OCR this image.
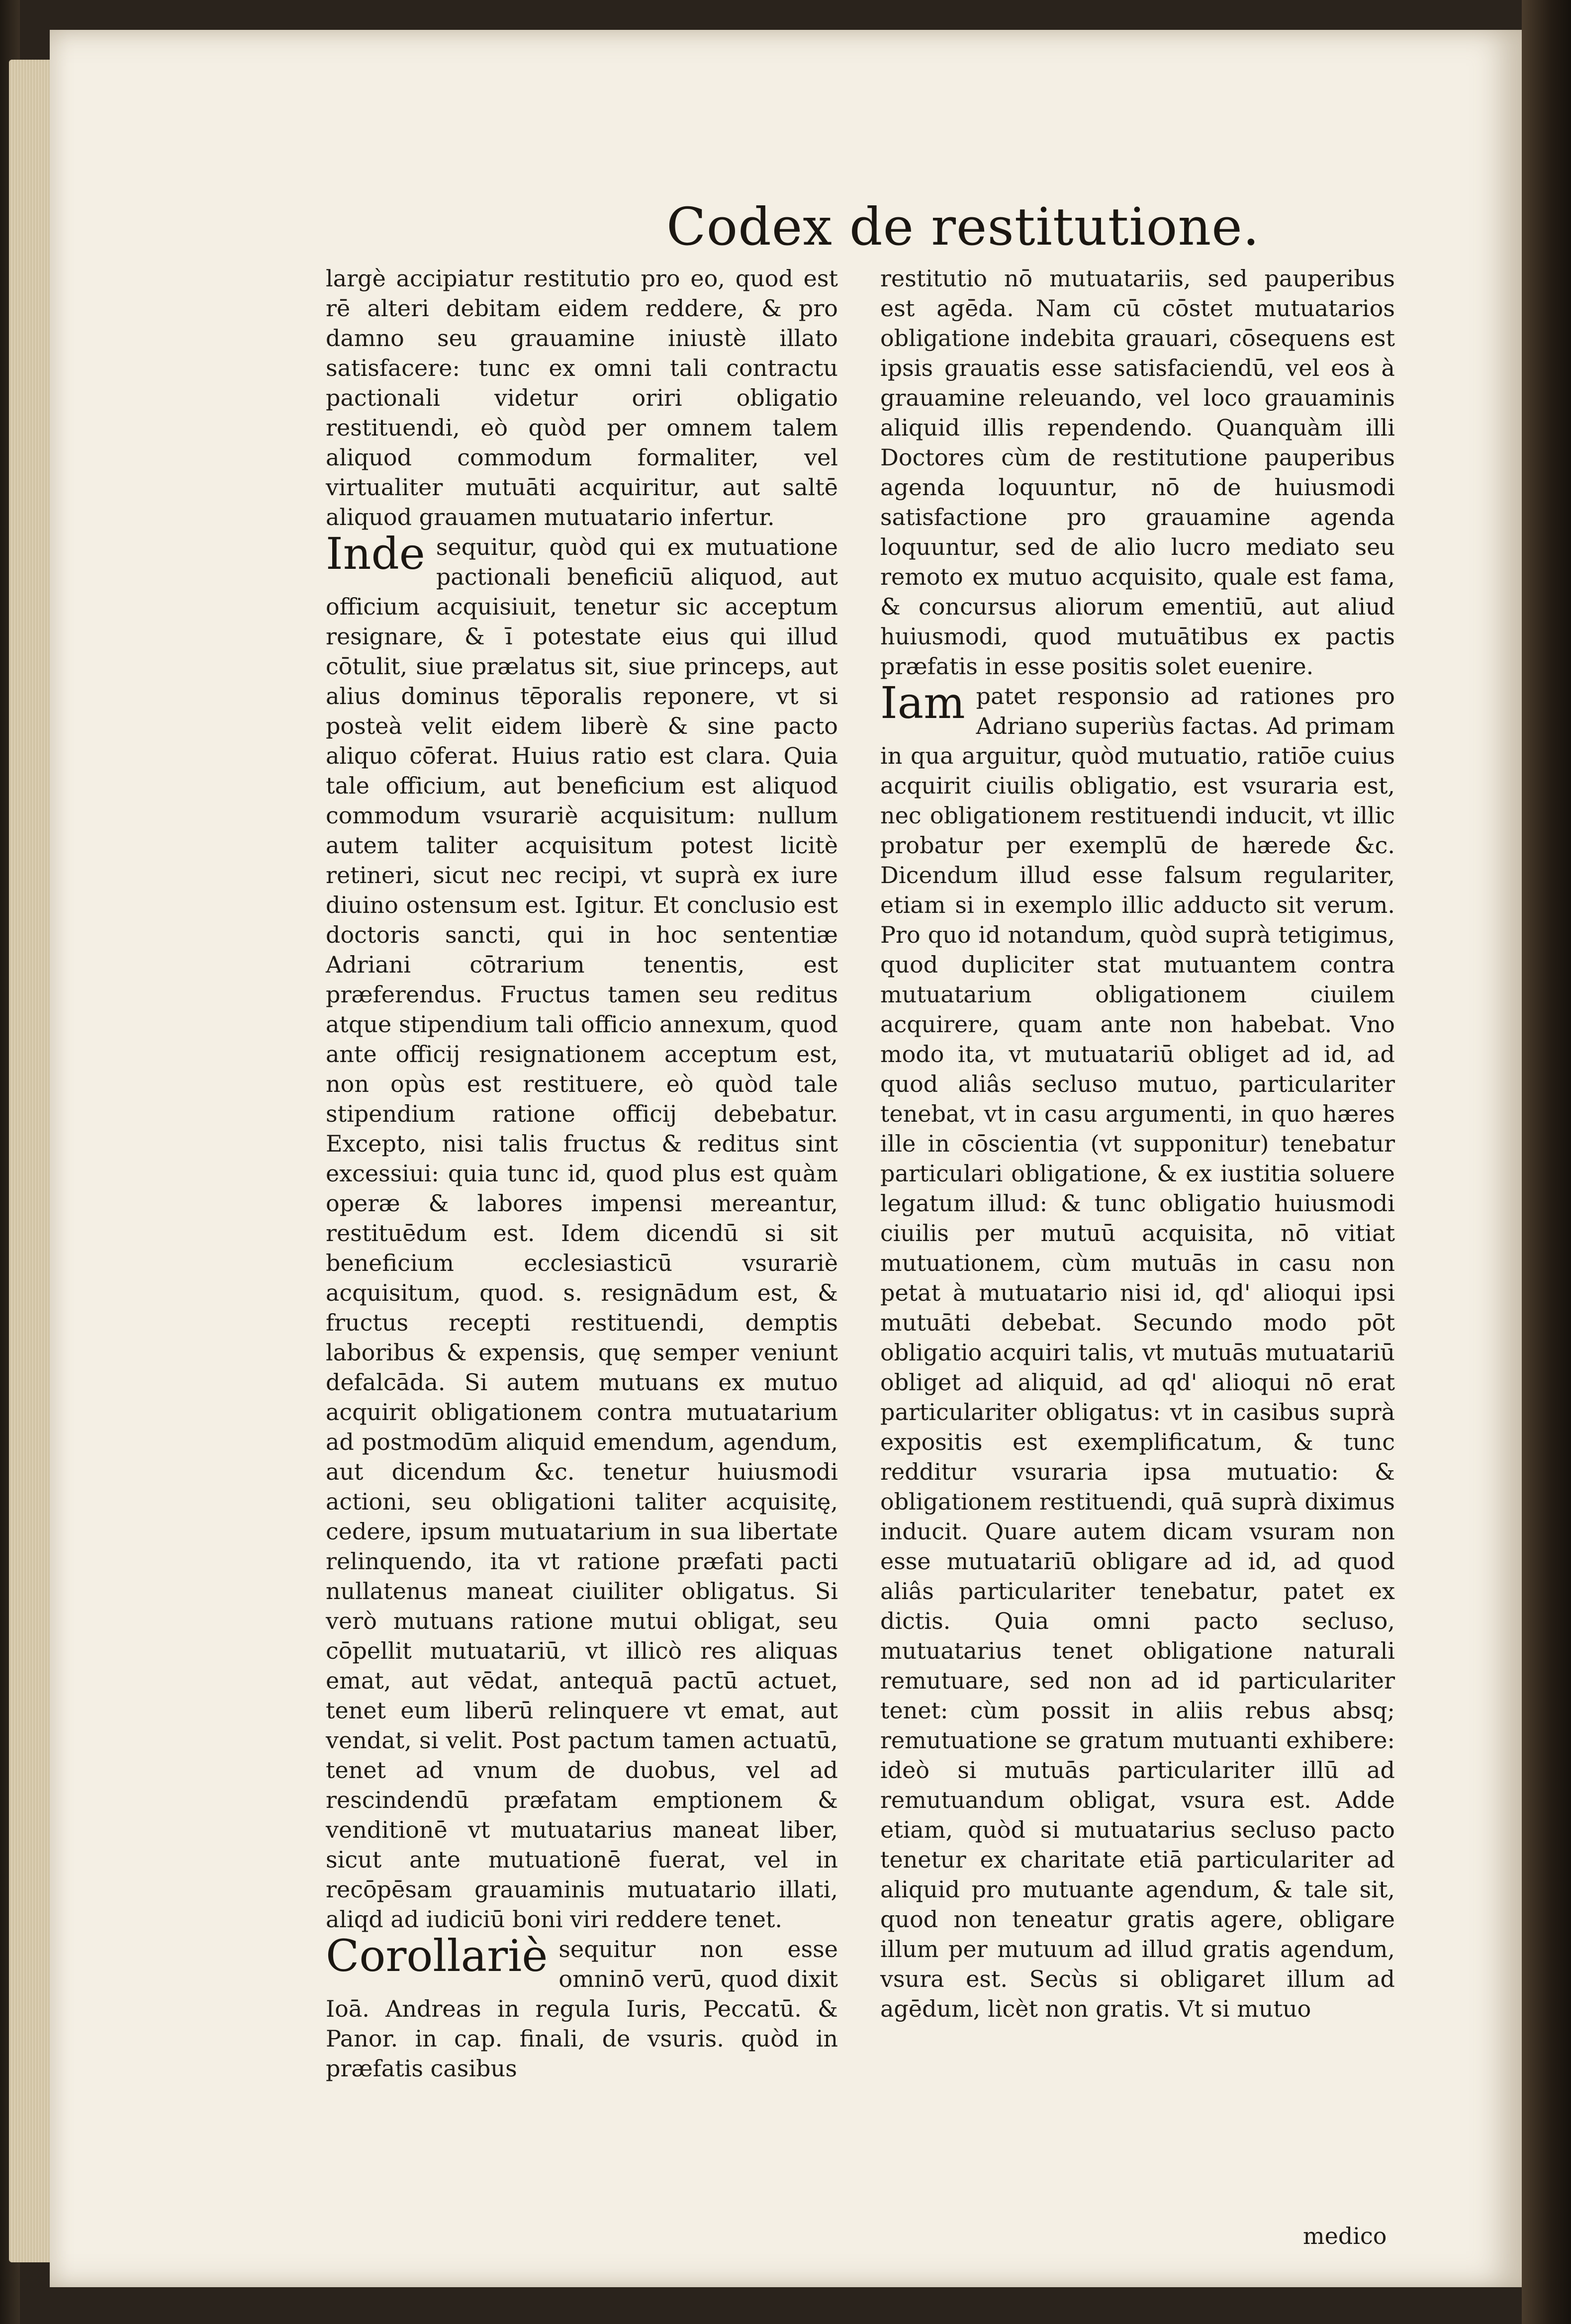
Codex de restitutione.

largè accipiatur restitutio pro eo, quod est rē alteri debitam eidem reddere, & pro damno seu grauamine iniustè illato satisfacere: tunc ex omni tali contractu pactionali videtur oriri obligatio restituendi, eò quòd per omnem talem aliquod commodum formaliter, vel virtualiter mutuāti acquiritur, aut saltē aliquod grauamen mutuatario infertur.

Inde sequitur, quòd qui ex mutuatione pactionali beneficiū aliquod, aut officium acquisiuit, tenetur sic acceptum resignare, & ī potestate eius qui illud cōtulit, siue prælatus sit, siue princeps, aut alius dominus tēporalis reponere, vt si posteà velit eidem liberè & sine pacto aliquo cōferat. Huius ratio est clara. Quia tale officium, aut beneficium est aliquod commodum vsurariè acquisitum: nullum autem taliter acquisitum potest licitè retineri, sicut nec recipi, vt suprà ex iure diuino ostensum est. Igitur. Et conclusio est doctoris sancti, qui in hoc sententiæ Adriani cōtrarium tenentis, est præferendus. Fructus tamen seu reditus atque stipendium tali officio annexum, quod ante officij resignationem acceptum est, non opùs est restituere, eò quòd tale stipendium ratione officij debebatur. Excepto, nisi talis fructus & reditus sint excessiui: quia tunc id, quod plus est quàm operæ & labores impensi mereantur, restituēdum est. Idem dicendū si sit beneficium ecclesiasticū vsurariè acquisitum, quod. s. resignādum est, & fructus recepti restituendi, demptis laboribus & expensis, quę semper veniunt defalcāda. Si autem mutuans ex mutuo acquirit obligationem contra mutuatarium ad postmodūm aliquid emendum, agendum, aut dicendum &c. tenetur huiusmodi actioni, seu obligationi taliter acquisitę, cedere, ipsum mutuatarium in sua libertate relinquendo, ita vt ratione præfati pacti nullatenus maneat ciuiliter obligatus. Si verò mutuans ratione mutui obligat, seu cōpellit mutuatariū, vt illicò res aliquas emat, aut vēdat, antequā pactū actuet, tenet eum liberū relinquere vt emat, aut vendat, si velit. Post pactum tamen actuatū, tenet ad vnum de duobus, vel ad rescindendū præfatam emptionem & venditionē vt mutuatarius maneat liber, sicut ante mutuationē fuerat, vel in recōpēsam grauaminis mutuatario illati, aliqd ad iudiciū boni viri reddere tenet.

Corollariè sequitur non esse omninō verū, quod dixit Ioā. Andreas in regula Iuris, Peccatū. & Panor. in cap. finali, de vsuris. quòd in præfatis casibus

restitutio nō mutuatariis, sed pauperibus est agēda. Nam cū cōstet mutuatarios obligatione indebita grauari, cōsequens est ipsis grauatis esse satisfaciendū, vel eos à grauamine releuando, vel loco grauaminis aliquid illis rependendo. Quanquàm illi Doctores cùm de restitutione pauperibus agenda loquuntur, nō de huiusmodi satisfactione pro grauamine agenda loquuntur, sed de alio lucro mediato seu remoto ex mutuo acquisito, quale est fama, & concursus aliorum ementiū, aut aliud huiusmodi, quod mutuātibus ex pactis præfatis in esse positis solet euenire.

Iam patet responsio ad rationes pro Adriano superiùs factas. Ad primam in qua arguitur, quòd mutuatio, ratiōe cuius acquirit ciuilis obligatio, est vsuraria est, nec obligationem restituendi inducit, vt illic probatur per exemplū de hærede &c. Dicendum illud esse falsum regulariter, etiam si in exemplo illic adducto sit verum. Pro quo id notandum, quòd suprà tetigimus, quod dupliciter stat mutuantem contra mutuatarium obligationem ciuilem acquirere, quam ante non habebat. Vno modo ita, vt mutuatariū obliget ad id, ad quod aliâs secluso mutuo, particulariter tenebat, vt in casu argumenti, in quo hæres ille in cōscientia (vt supponitur) tenebatur particulari obligatione, & ex iustitia soluere legatum illud: & tunc obligatio huiusmodi ciuilis per mutuū acquisita, nō vitiat mutuationem, cùm mutuās in casu non petat à mutuatario nisi id, qd' alioqui ipsi mutuāti debebat. Secundo modo pōt obligatio acquiri talis, vt mutuās mutuatariū obliget ad aliquid, ad qd' alioqui nō erat particulariter obligatus: vt in casibus suprà expositis est exemplificatum, & tunc redditur vsuraria ipsa mutuatio: & obligationem restituendi, quā suprà diximus inducit. Quare autem dicam vsuram non esse mutuatariū obligare ad id, ad quod aliâs particulariter tenebatur, patet ex dictis. Quia omni pacto secluso, mutuatarius tenet obligatione naturali remutuare, sed non ad id particulariter tenet: cùm possit in aliis rebus absq; remutuatione se gratum mutuanti exhibere: ideò si mutuās particulariter illū ad remutuandum obligat, vsura est. Adde etiam, quòd si mutuatarius secluso pacto tenetur ex charitate etiā particulariter ad aliquid pro mutuante agendum, & tale sit, quod non teneatur gratis agere, obligare illum per mutuum ad illud gratis agendum, vsura est. Secùs si obligaret illum ad agēdum, licèt non gratis. Vt si mutuo

medico
